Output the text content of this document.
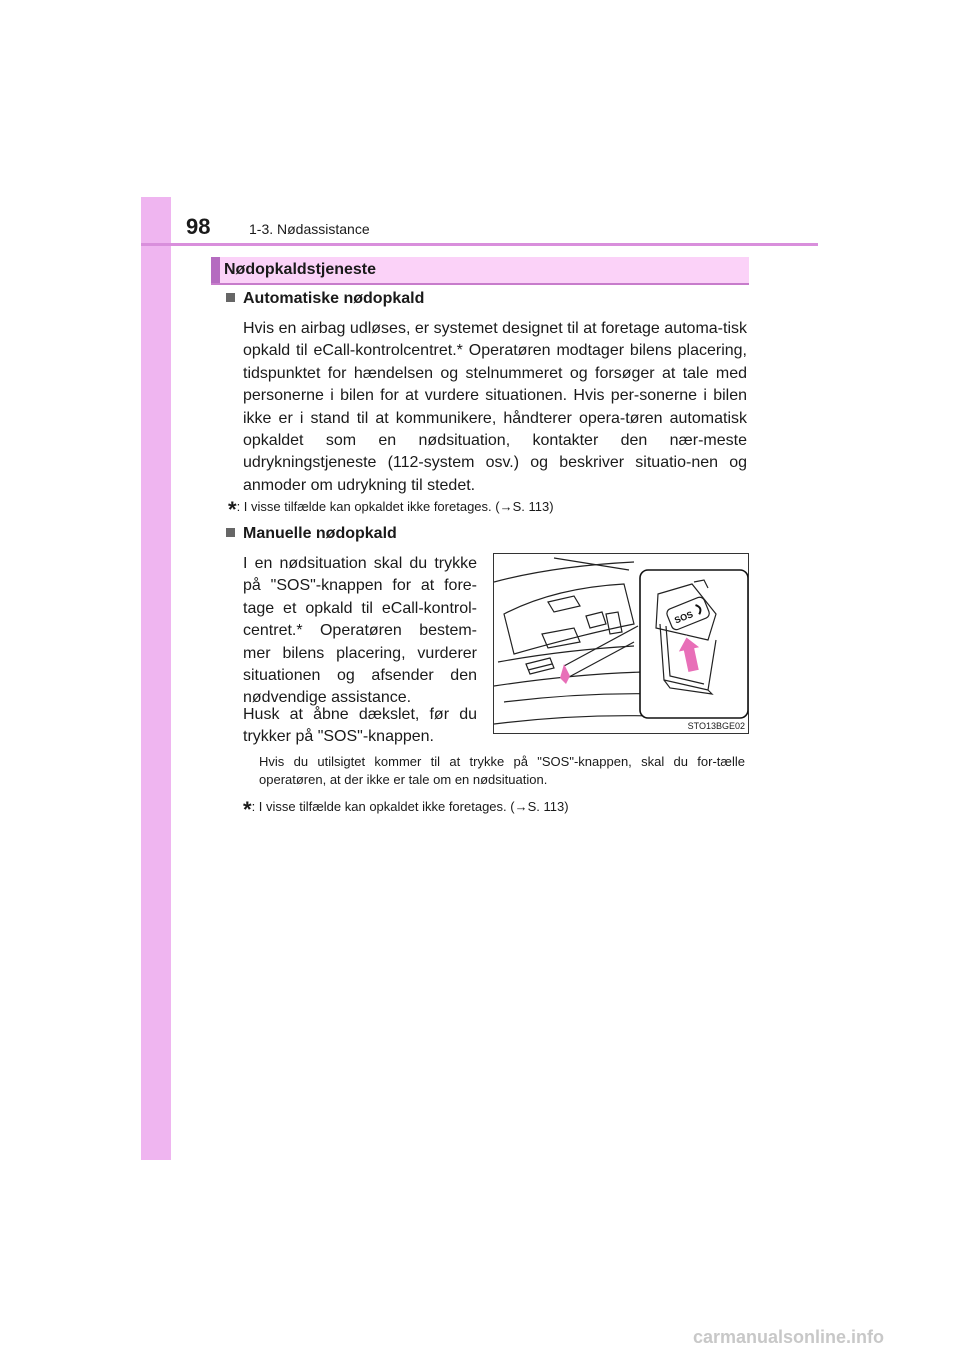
98	1-3. Nødassistance
Nødopkaldstjeneste
Automatiske nødopkald
Hvis en airbag udløses, er systemet designet til at foretage automa-tisk opkald til eCall-kontrolcentret.* Operatøren modtager bilens placering, tidspunktet for hændelsen og stelnummeret og forsøger at tale med personerne i bilen for at vurdere situationen. Hvis per-sonerne i bilen ikke er i stand til at kommunikere, håndterer opera-tøren automatisk opkaldet som en nødsituation, kontakter den nær-meste udrykningstjeneste (112-system osv.) og beskriver situatio-nen og anmoder om udrykning til stedet.
*: I visse tilfælde kan opkaldet ikke foretages. (→S. 113)
Manuelle nødopkald
I en nødsituation skal du trykke på "SOS"-knappen for at fore-tage et opkald til eCall-kontrol-centret.* Operatøren bestem-mer bilens placering, vurderer situationen og afsender den nødvendige assistance.
Husk at åbne dækslet, før du trykker på "SOS"-knappen.
SOS
STO13BGE02
Hvis du utilsigtet kommer til at trykke på "SOS"-knappen, skal du for-tælle operatøren, at der ikke er tale om en nødsituation.
*: I visse tilfælde kan opkaldet ikke foretages. (→S. 113)
carmanualsonline.info
